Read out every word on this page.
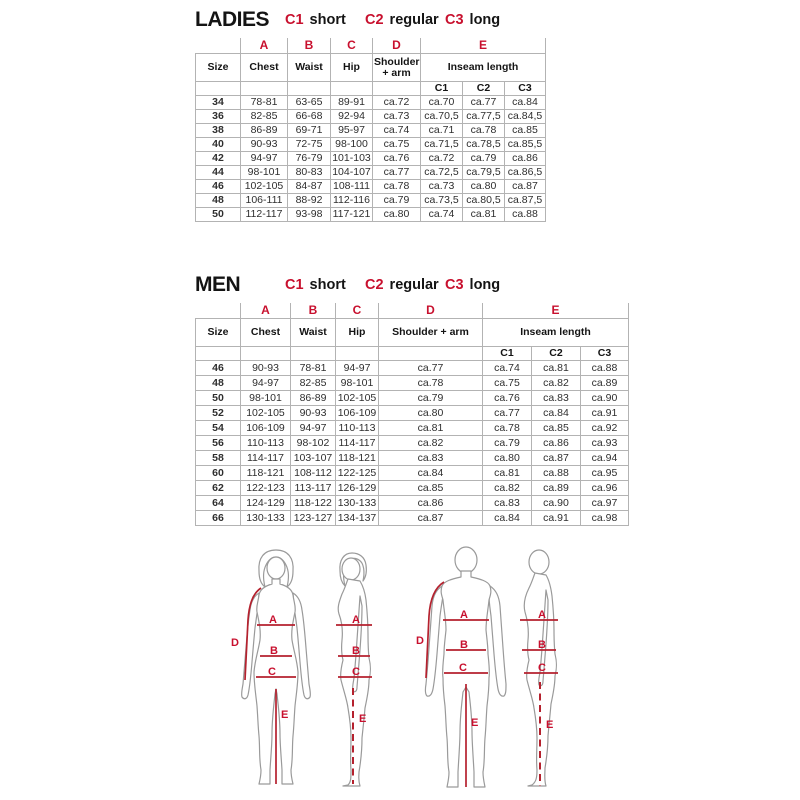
LADIES C1 short C2 regular C3 long
	A	B	C	D	E		
Size	Chest	Waist	Hip	Shoulder + arm	Inseam length		
					C1	C2	C3
34	78-81	63-65	89-91	ca.72	ca.70	ca.77	ca.84
36	82-85	66-68	92-94	ca.73	ca.70,5	ca.77,5	ca.84,5
38	86-89	69-71	95-97	ca.74	ca.71	ca.78	ca.85
40	90-93	72-75	98-100	ca.75	ca.71,5	ca.78,5	ca.85,5
42	94-97	76-79	101-103	ca.76	ca.72	ca.79	ca.86
44	98-101	80-83	104-107	ca.77	ca.72,5	ca.79,5	ca.86,5
46	102-105	84-87	108-111	ca.78	ca.73	ca.80	ca.87
48	106-111	88-92	112-116	ca.79	ca.73,5	ca.80,5	ca.87,5
50	112-117	93-98	117-121	ca.80	ca.74	ca.81	ca.88
MEN	C1 short C2 regular C3 long
	A	B	C	D	E		
Size	Chest	Waist	Hip	Shoulder + arm	Inseam length		
					C1	C2	C3
46	90-93	78-81	94-97	ca.77	ca.74	ca.81	ca.88
48	94-97	82-85	98-101	ca.78	ca.75	ca.82	ca.89
50	98-101	86-89	102-105	ca.79	ca.76	ca.83	ca.90
52	102-105	90-93	106-109	ca.80	ca.77	ca.84	ca.91
54	106-109	94-97	110-113	ca.81	ca.78	ca.85	ca.92
56	110-113	98-102	114-117	ca.82	ca.79	ca.86	ca.93
58	114-117	103-107	118-121	ca.83	ca.80	ca.87	ca.94
60	118-121	108-112	122-125	ca.84	ca.81	ca.88	ca.95
62	122-123	113-117	126-129	ca.85	ca.82	ca.89	ca.96
64	124-129	118-122	130-133	ca.86	ca.83	ca.90	ca.97
66	130-133	123-127	134-137	ca.87	ca.84	ca.91	ca.98
D
A
B
C
E
A
B
C
E
D
A
B
C
E
A
B
C
E
